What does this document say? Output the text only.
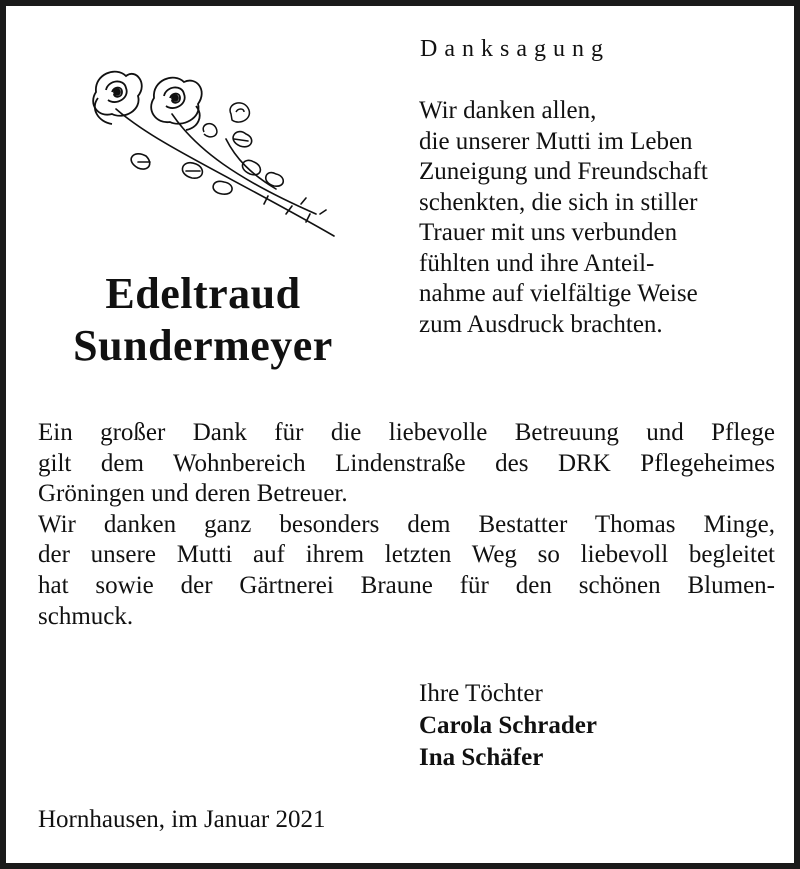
Edeltraud
Sundermeyer
Danksagung
Wir danken allen,
die unserer Mutti im Leben
Zuneigung und Freundschaft
schenkten, die sich in stiller
Trauer mit uns verbunden
fühlten und ihre Anteil-
nahme auf vielfältige Weise
zum Ausdruck brachten.
Ein großer Dank für die liebevolle Betreuung und Pflege
gilt dem Wohnbereich Lindenstraße des DRK Pflegeheimes
Gröningen und deren Betreuer.
Wir danken ganz besonders dem Bestatter Thomas Minge,
der unsere Mutti auf ihrem letzten Weg so liebevoll begleitet
hat sowie der Gärtnerei Braune für den schönen Blumen-
schmuck.
Ihre Töchter
Carola Schrader
Ina Schäfer
Hornhausen, im Januar 2021
